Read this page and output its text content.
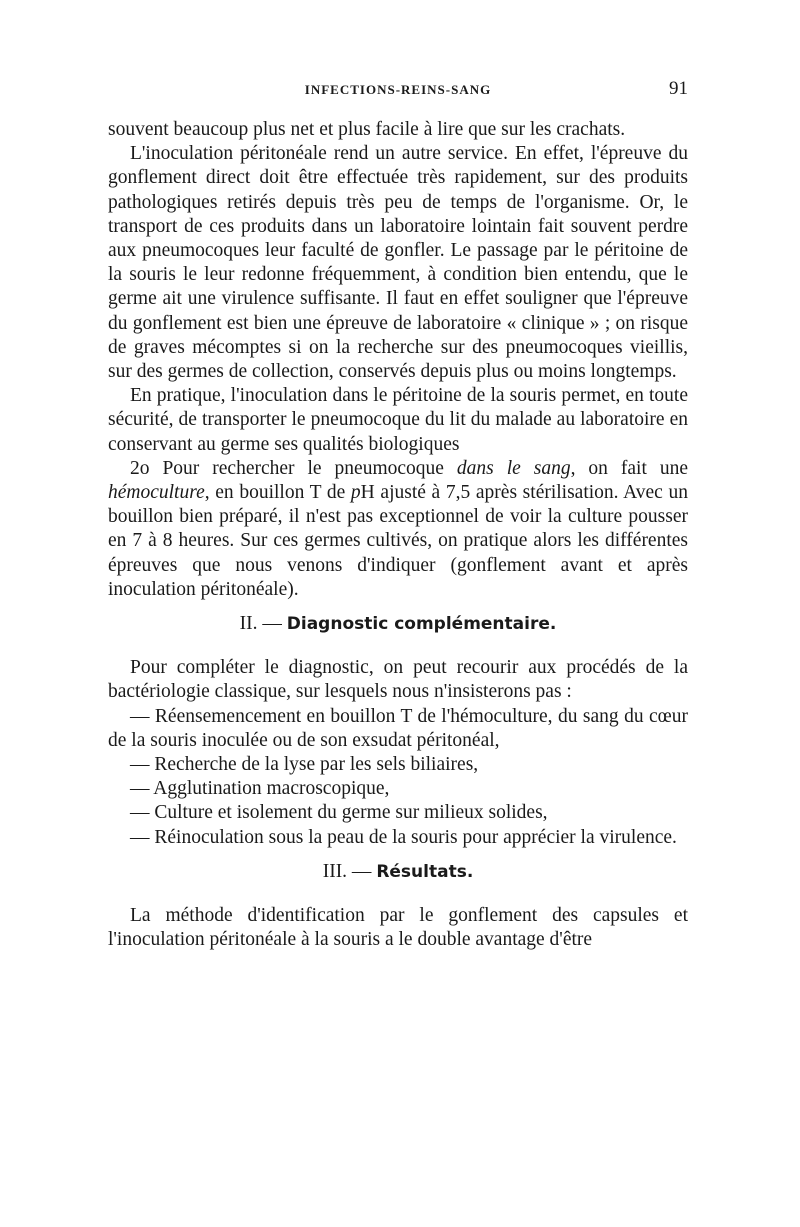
INFECTIONS-REINS-SANG	91

souvent beaucoup plus net et plus facile à lire que sur les crachats.

L'inoculation péritonéale rend un autre service. En effet, l'épreuve du gonflement direct doit être effectuée très rapidement, sur des produits pathologiques retirés depuis très peu de temps de l'organisme. Or, le transport de ces produits dans un laboratoire lointain fait souvent perdre aux pneumocoques leur faculté de gonfler. Le passage par le péritoine de la souris le leur redonne fréquemment, à condition bien entendu, que le germe ait une virulence suffisante. Il faut en effet souligner que l'épreuve du gonflement est bien une épreuve de laboratoire « clinique » ; on risque de graves mécomptes si on la recherche sur des pneumocoques vieillis, sur des germes de collection, conservés depuis plus ou moins longtemps.

En pratique, l'inoculation dans le péritoine de la souris permet, en toute sécurité, de transporter le pneumocoque du lit du malade au laboratoire en conservant au germe ses qualités biologiques

2o Pour rechercher le pneumocoque dans le sang, on fait une hémoculture, en bouillon T de pH ajusté à 7,5 après stérilisation. Avec un bouillon bien préparé, il n'est pas exceptionnel de voir la culture pousser en 7 à 8 heures. Sur ces germes cultivés, on pratique alors les différentes épreuves que nous venons d'indiquer (gonflement avant et après inoculation péritonéale).

II. — Diagnostic complémentaire.

Pour compléter le diagnostic, on peut recourir aux procédés de la bactériologie classique, sur lesquels nous n'insisterons pas :

— Réensemencement en bouillon T de l'hémoculture, du sang du cœur de la souris inoculée ou de son exsudat péritonéal,

— Recherche de la lyse par les sels biliaires,

— Agglutination macroscopique,

— Culture et isolement du germe sur milieux solides,

— Réinoculation sous la peau de la souris pour apprécier la virulence.

III. — Résultats.

La méthode d'identification par le gonflement des capsules et l'inoculation péritonéale à la souris a le double avantage d'être
